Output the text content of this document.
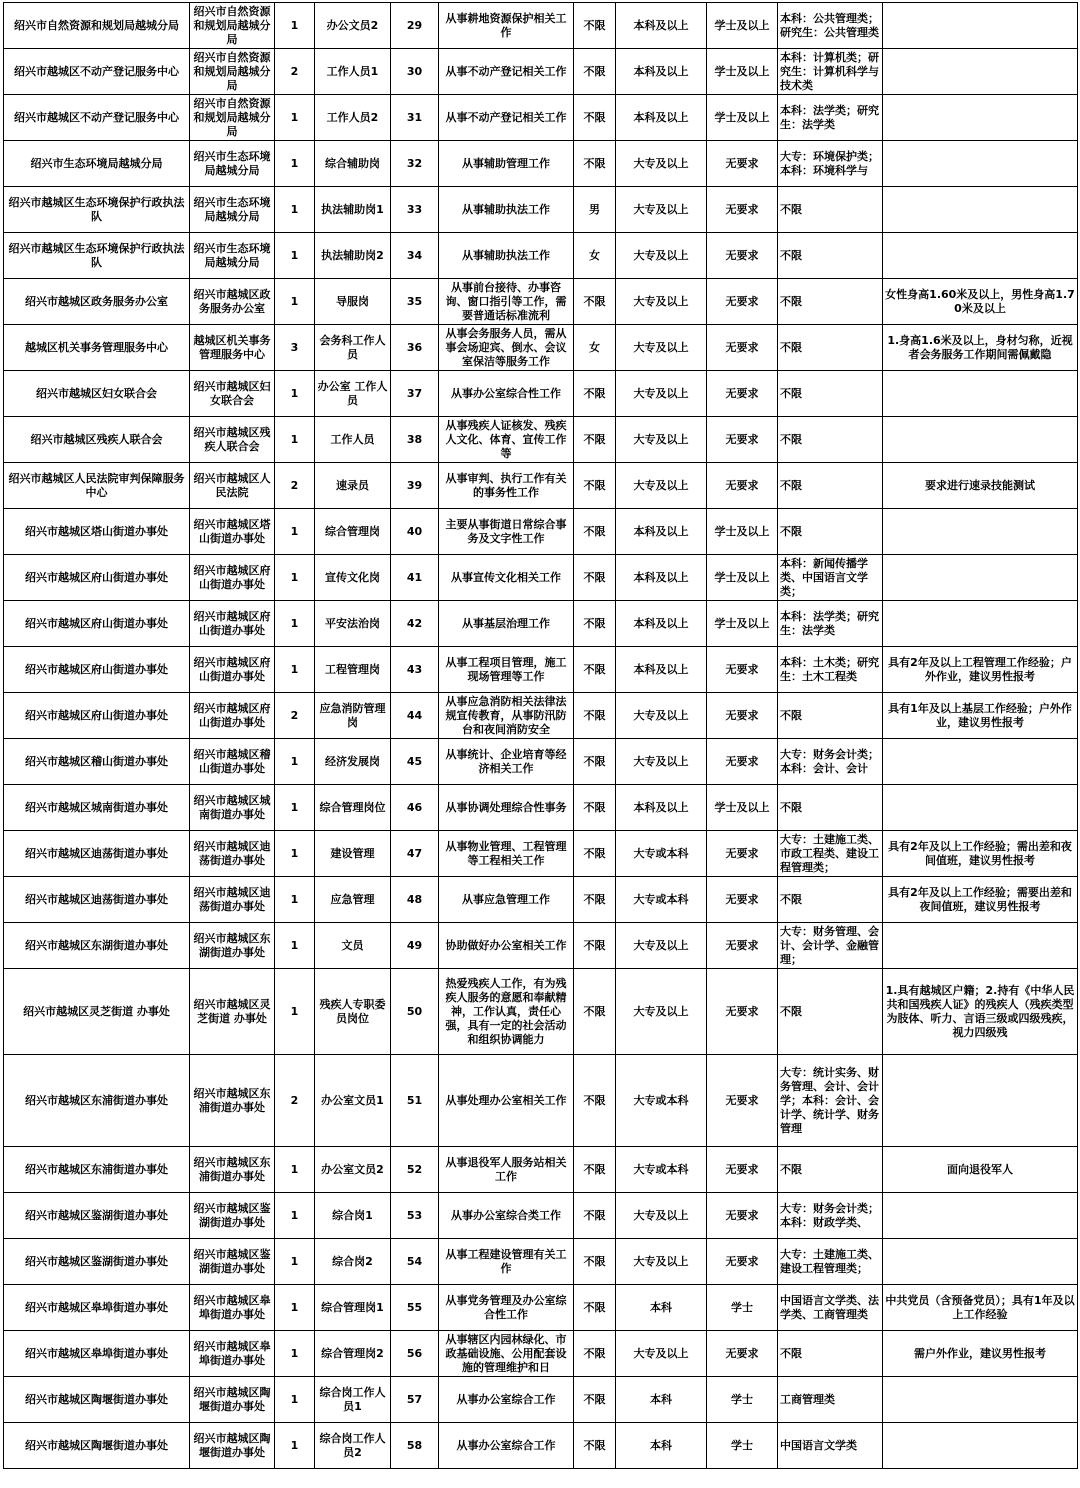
绍兴市自然资源和规划局越城分局	绍兴市自然资源和规划局越城分局	1	办公文员2	29	从事耕地资源保护相关工作	不限	本科及以上	学士及以上	本科：公共管理类；研究生：公共管理类	

绍兴市越城区不动产登记服务中心	绍兴市自然资源和规划局越城分局	2	工作人员1	30	从事不动产登记相关工作	不限	本科及以上	学士及以上	本科：计算机类；研究生：计算机科学与技术类	

绍兴市越城区不动产登记服务中心	绍兴市自然资源和规划局越城分局	1	工作人员2	31	从事不动产登记相关工作	不限	本科及以上	学士及以上	本科：法学类；研究生：法学类	

绍兴市生态环境局越城分局	绍兴市生态环境局越城分局	1	综合辅助岗	32	从事辅助管理工作	不限	大专及以上	无要求	大专：环境保护类；本科：环境科学与	

绍兴市越城区生态环境保护行政执法队	绍兴市生态环境局越城分局	1	执法辅助岗1	33	从事辅助执法工作	男	大专及以上	无要求	不限	

绍兴市越城区生态环境保护行政执法队	绍兴市生态环境局越城分局	1	执法辅助岗2	34	从事辅助执法工作	女	大专及以上	无要求	不限	

绍兴市越城区政务服务办公室	绍兴市越城区政务服务办公室	1	导服岗	35	从事前台接待、办事咨询、窗口指引等工作，需要普通话标准流利	不限	大专及以上	无要求	不限	女性身高1.60米及以上，男性身高1.70米及以上

越城区机关事务管理服务中心	越城区机关事务管理服务中心	3	会务科工作人员	36	从事会务服务人员，需从事会场迎宾、倒水、会议室保洁等服务工作	女	大专及以上	无要求	不限	1.身高1.6米及以上，身材匀称，近视者会务服务工作期间需佩戴隐

绍兴市越城区妇女联合会	绍兴市越城区妇女联合会	1	办公室 工作人员	37	从事办公室综合性工作	不限	大专及以上	无要求	不限	

绍兴市越城区残疾人联合会	绍兴市越城区残疾人联合会	1	工作人员	38	从事残疾人证核发、残疾人文化、体育、宣传工作等	不限	大专及以上	无要求	不限	

绍兴市越城区人民法院审判保障服务中心	绍兴市越城区人民法院	2	速录员	39	从事审判、执行工作有关的事务性工作	不限	大专及以上	无要求	不限	要求进行速录技能测试

绍兴市越城区塔山街道办事处	绍兴市越城区塔山街道办事处	1	综合管理岗	40	主要从事街道日常综合事务及文字性工作	不限	本科及以上	学士及以上	不限	

绍兴市越城区府山街道办事处	绍兴市越城区府山街道办事处	1	宣传文化岗	41	从事宣传文化相关工作	不限	本科及以上	学士及以上	本科：新闻传播学类、中国语言文学类；	

绍兴市越城区府山街道办事处	绍兴市越城区府山街道办事处	1	平安法治岗	42	从事基层治理工作	不限	本科及以上	学士及以上	本科：法学类；研究生：法学类	

绍兴市越城区府山街道办事处	绍兴市越城区府山街道办事处	1	工程管理岗	43	从事工程项目管理，施工现场管理等工作	不限	本科及以上	无要求	本科：土木类；研究生：土木工程类	具有2年及以上工程管理工作经验；户外作业，建议男性报考

绍兴市越城区府山街道办事处	绍兴市越城区府山街道办事处	2	应急消防管理岗	44	从事应急消防相关法律法规宣传教育，从事防汛防台和夜间消防安全	不限	大专及以上	无要求	不限	具有1年及以上基层工作经验；户外作业，建议男性报考

绍兴市越城区稽山街道办事处	绍兴市越城区稽山街道办事处	1	经济发展岗	45	从事统计、企业培育等经济相关工作	不限	大专及以上	无要求	大专：财务会计类；本科：会计、会计	

绍兴市越城区城南街道办事处	绍兴市越城区城南街道办事处	1	综合管理岗位	46	从事协调处理综合性事务	不限	本科及以上	学士及以上	不限	

绍兴市越城区迪荡街道办事处	绍兴市越城区迪荡街道办事处	1	建设管理	47	从事物业管理、工程管理等工程相关工作	不限	大专或本科	无要求	大专：土建施工类、市政工程类、建设工程管理类；	具有2年及以上工作经验；需出差和夜间值班，建议男性报考

绍兴市越城区迪荡街道办事处	绍兴市越城区迪荡街道办事处	1	应急管理	48	从事应急管理工作	不限	大专或本科	无要求	不限	具有2年及以上工作经验；需要出差和夜间值班，建议男性报考

绍兴市越城区东湖街道办事处	绍兴市越城区东湖街道办事处	1	文员	49	协助做好办公室相关工作	不限	大专及以上	无要求	大专：财务管理、会计、会计学、金融管理；	

绍兴市越城区灵芝街道 办事处	绍兴市越城区灵芝街道 办事处	1	残疾人专职委员岗位	50	热爱残疾人工作，有为残疾人服务的意愿和奉献精神，工作认真，责任心强，具有一定的社会活动和组织协调能力	不限	大专及以上	无要求	不限	1.具有越城区户籍；2.持有《中华人民共和国残疾人证》的残疾人（残疾类型为肢体、听力、言语三级或四级残疾，视力四级残

绍兴市越城区东浦街道办事处	绍兴市越城区东浦街道办事处	2	办公室文员1	51	从事处理办公室相关工作	不限	大专或本科	无要求	大专：统计实务、财务管理、会计、会计学；本科：会计、会计学、统计学、财务管理	

绍兴市越城区东浦街道办事处	绍兴市越城区东浦街道办事处	1	办公室文员2	52	从事退役军人服务站相关工作	不限	大专或本科	无要求	不限	面向退役军人

绍兴市越城区鉴湖街道办事处	绍兴市越城区鉴湖街道办事处	1	综合岗1	53	从事办公室综合类工作	不限	大专及以上	无要求	大专：财务会计类；本科：财政学类、	

绍兴市越城区鉴湖街道办事处	绍兴市越城区鉴湖街道办事处	1	综合岗2	54	从事工程建设管理有关工作	不限	大专及以上	无要求	大专：土建施工类、建设工程管理类；	

绍兴市越城区皋埠街道办事处	绍兴市越城区皋埠街道办事处	1	综合管理岗1	55	从事党务管理及办公室综合性工作	不限	本科	学士	中国语言文学类、法学类、工商管理类	中共党员（含预备党员）；具有1年及以上工作经验

绍兴市越城区皋埠街道办事处	绍兴市越城区皋埠街道办事处	1	综合管理岗2	56	从事辖区内园林绿化、市政基础设施、公用配套设施的管理维护和日	不限	大专及以上	无要求	不限	需户外作业，建议男性报考

绍兴市越城区陶堰街道办事处	绍兴市越城区陶堰街道办事处	1	综合岗工作人员1	57	从事办公室综合工作	不限	本科	学士	工商管理类	

绍兴市越城区陶堰街道办事处	绍兴市越城区陶堰街道办事处	1	综合岗工作人员2	58	从事办公室综合工作	不限	本科	学士	中国语言文学类	
